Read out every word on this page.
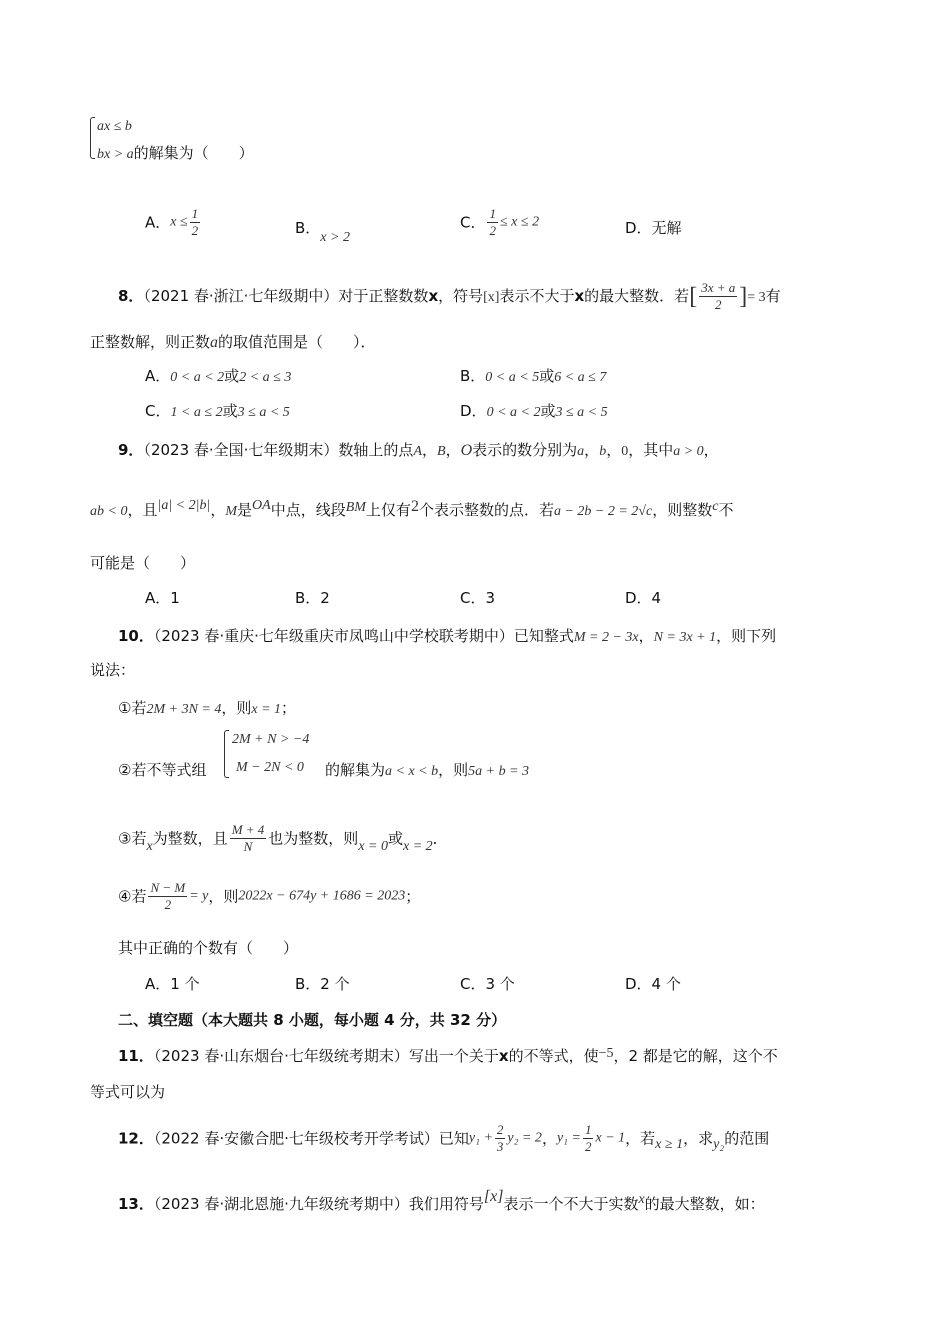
ax ≤ b
bx > a的解集为（　　）
A．$x \le \frac{1}{2}$	B．x > 2
C． $\frac{1}{2} \le x \le 2$	D．无解
8．（2021 春·浙江·七年级期中）对于正整数数x，符号[x]表示不大于x的最大整数．若[ $\frac{3x + a}{2}$ ]= 3有
正整数解，则正数a的取值范围是（　　）．
A．0 < a < 2或2 < a ≤ 3	B．0 < a < 5或6 < a ≤ 7
C．1 < a ≤ 2或3 ≤ a < 5	D．0 < a < 2或3 ≤ a < 5
9．（2023 春·全国·七年级期末）数轴上的点A，B，O表示的数分别为a，b，0，其中a > 0，
ab < 0，且|a| < 2|b|，M是OA中点，线段BM上仅有2个表示整数的点．若a − 2b − 2 = 2√c，则整数c不
可能是（　　）
A．1	B．2	C．3	D．4
10．（2023 春·重庆·七年级重庆市凤鸣山中学校联考期中）已知整式M = 2 − 3x，N = 3x + 1，则下列
说法：
①若2M + 3N = 4，则x = 1；
2M + N > −4
M − 2N < 0
②若不等式组	的解集为a < x < b，则5a + b = 3
③若x为整数，且 $\frac{M + 4}{N}$ 也为整数，则x = 0或x = 2．
④若 $\frac{N - M}{2} = y$，则2022x − 674y + 1686 = 2023；
其中正确的个数有（　　）
A．1 个	B．2 个	C．3 个	D．4 个
二、填空题（本大题共 8 小题，每小题 4 分，共 32 分）
11．（2023 春·山东烟台·七年级统考期末）写出一个关于x的不等式，使−5，2 都是它的解，这个不
等式可以为
12．（2022 春·安徽合肥·七年级校考开学考试）已知$y_1 + \frac{2}{3} y_2 = 2$，$y_1 = \frac{1}{2}$ x − 1，若x ≥ 1，求y₂的范围
13．（2023 春·湖北恩施·九年级统考期中）我们用符号[x]表示一个不大于实数x的最大整数，如：
